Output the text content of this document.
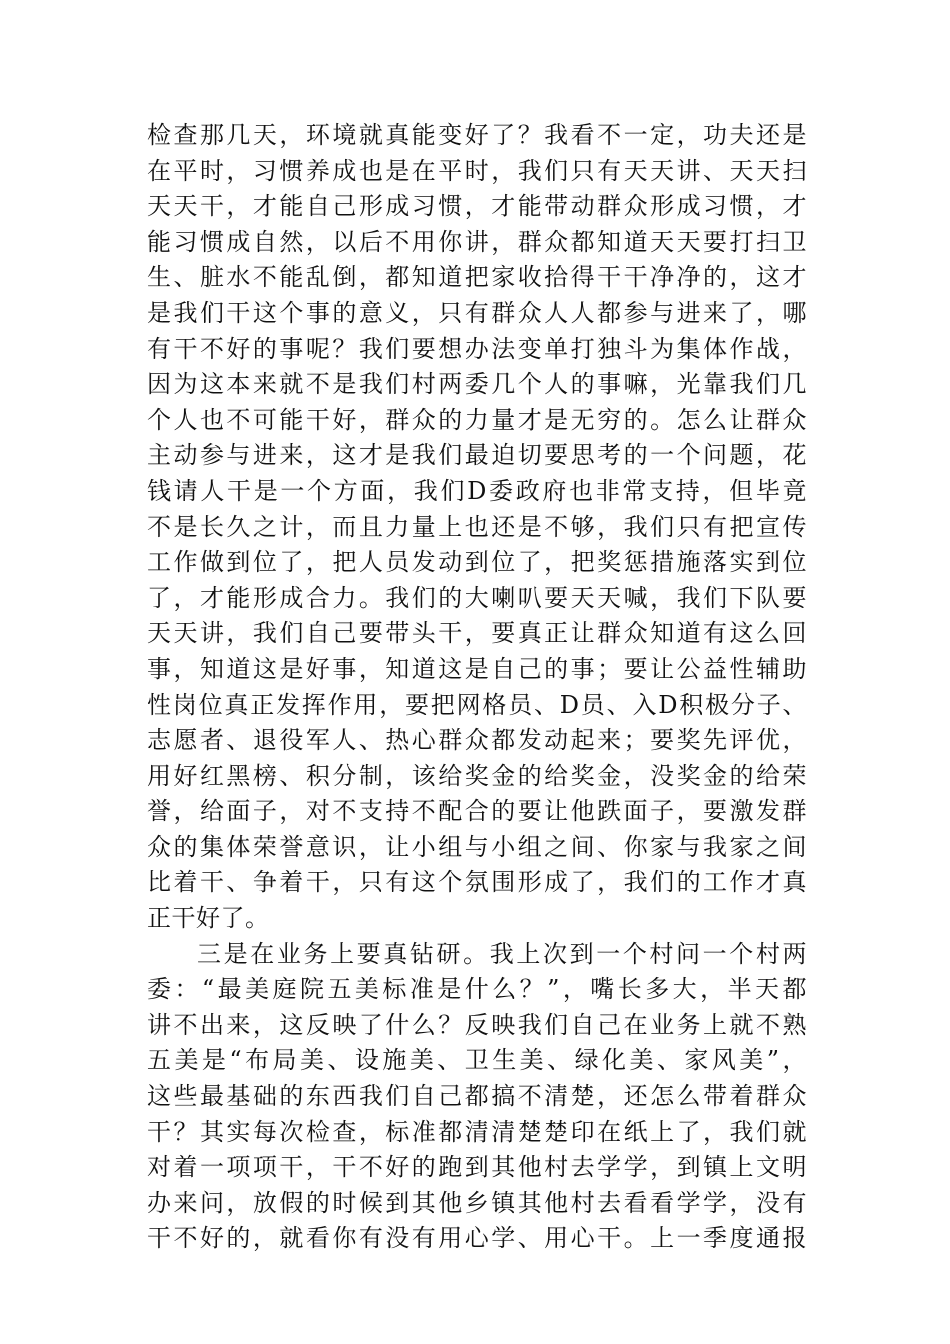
检查那几天，环境就真能变好了？我看不一定，功夫还是
在平时，习惯养成也是在平时，我们只有天天讲、天天扫
天天干，才能自己形成习惯，才能带动群众形成习惯，才
能习惯成自然，以后不用你讲，群众都知道天天要打扫卫
生、脏水不能乱倒，都知道把家收拾得干干净净的，这才
是我们干这个事的意义，只有群众人人都参与进来了，哪
有干不好的事呢？我们要想办法变单打独斗为集体作战，
因为这本来就不是我们村两委几个人的事嘛，光靠我们几
个人也不可能干好，群众的力量才是无穷的。怎么让群众
主动参与进来，这才是我们最迫切要思考的一个问题，花
钱请人干是一个方面，我们D委政府也非常支持，但毕竟
不是长久之计，而且力量上也还是不够，我们只有把宣传
工作做到位了，把人员发动到位了，把奖惩措施落实到位
了，才能形成合力。我们的大喇叭要天天喊，我们下队要
天天讲，我们自己要带头干，要真正让群众知道有这么回
事，知道这是好事，知道这是自己的事；要让公益性辅助
性岗位真正发挥作用，要把网格员、D员、入D积极分子、
志愿者、退役军人、热心群众都发动起来；要奖先评优，
用好红黑榜、积分制，该给奖金的给奖金，没奖金的给荣
誉，给面子，对不支持不配合的要让他跌面子，要激发群
众的集体荣誉意识，让小组与小组之间、你家与我家之间
比着干、争着干，只有这个氛围形成了，我们的工作才真
正干好了。
三是在业务上要真钻研。我上次到一个村问一个村两
委：“最美庭院五美标准是什么？”，嘴长多大，半天都
讲不出来，这反映了什么？反映我们自己在业务上就不熟
五美是“布局美、设施美、卫生美、绿化美、家风美”，
这些最基础的东西我们自己都搞不清楚，还怎么带着群众
干？其实每次检查，标准都清清楚楚印在纸上了，我们就
对着一项项干，干不好的跑到其他村去学学，到镇上文明
办来问，放假的时候到其他乡镇其他村去看看学学，没有
干不好的，就看你有没有用心学、用心干。上一季度通报
